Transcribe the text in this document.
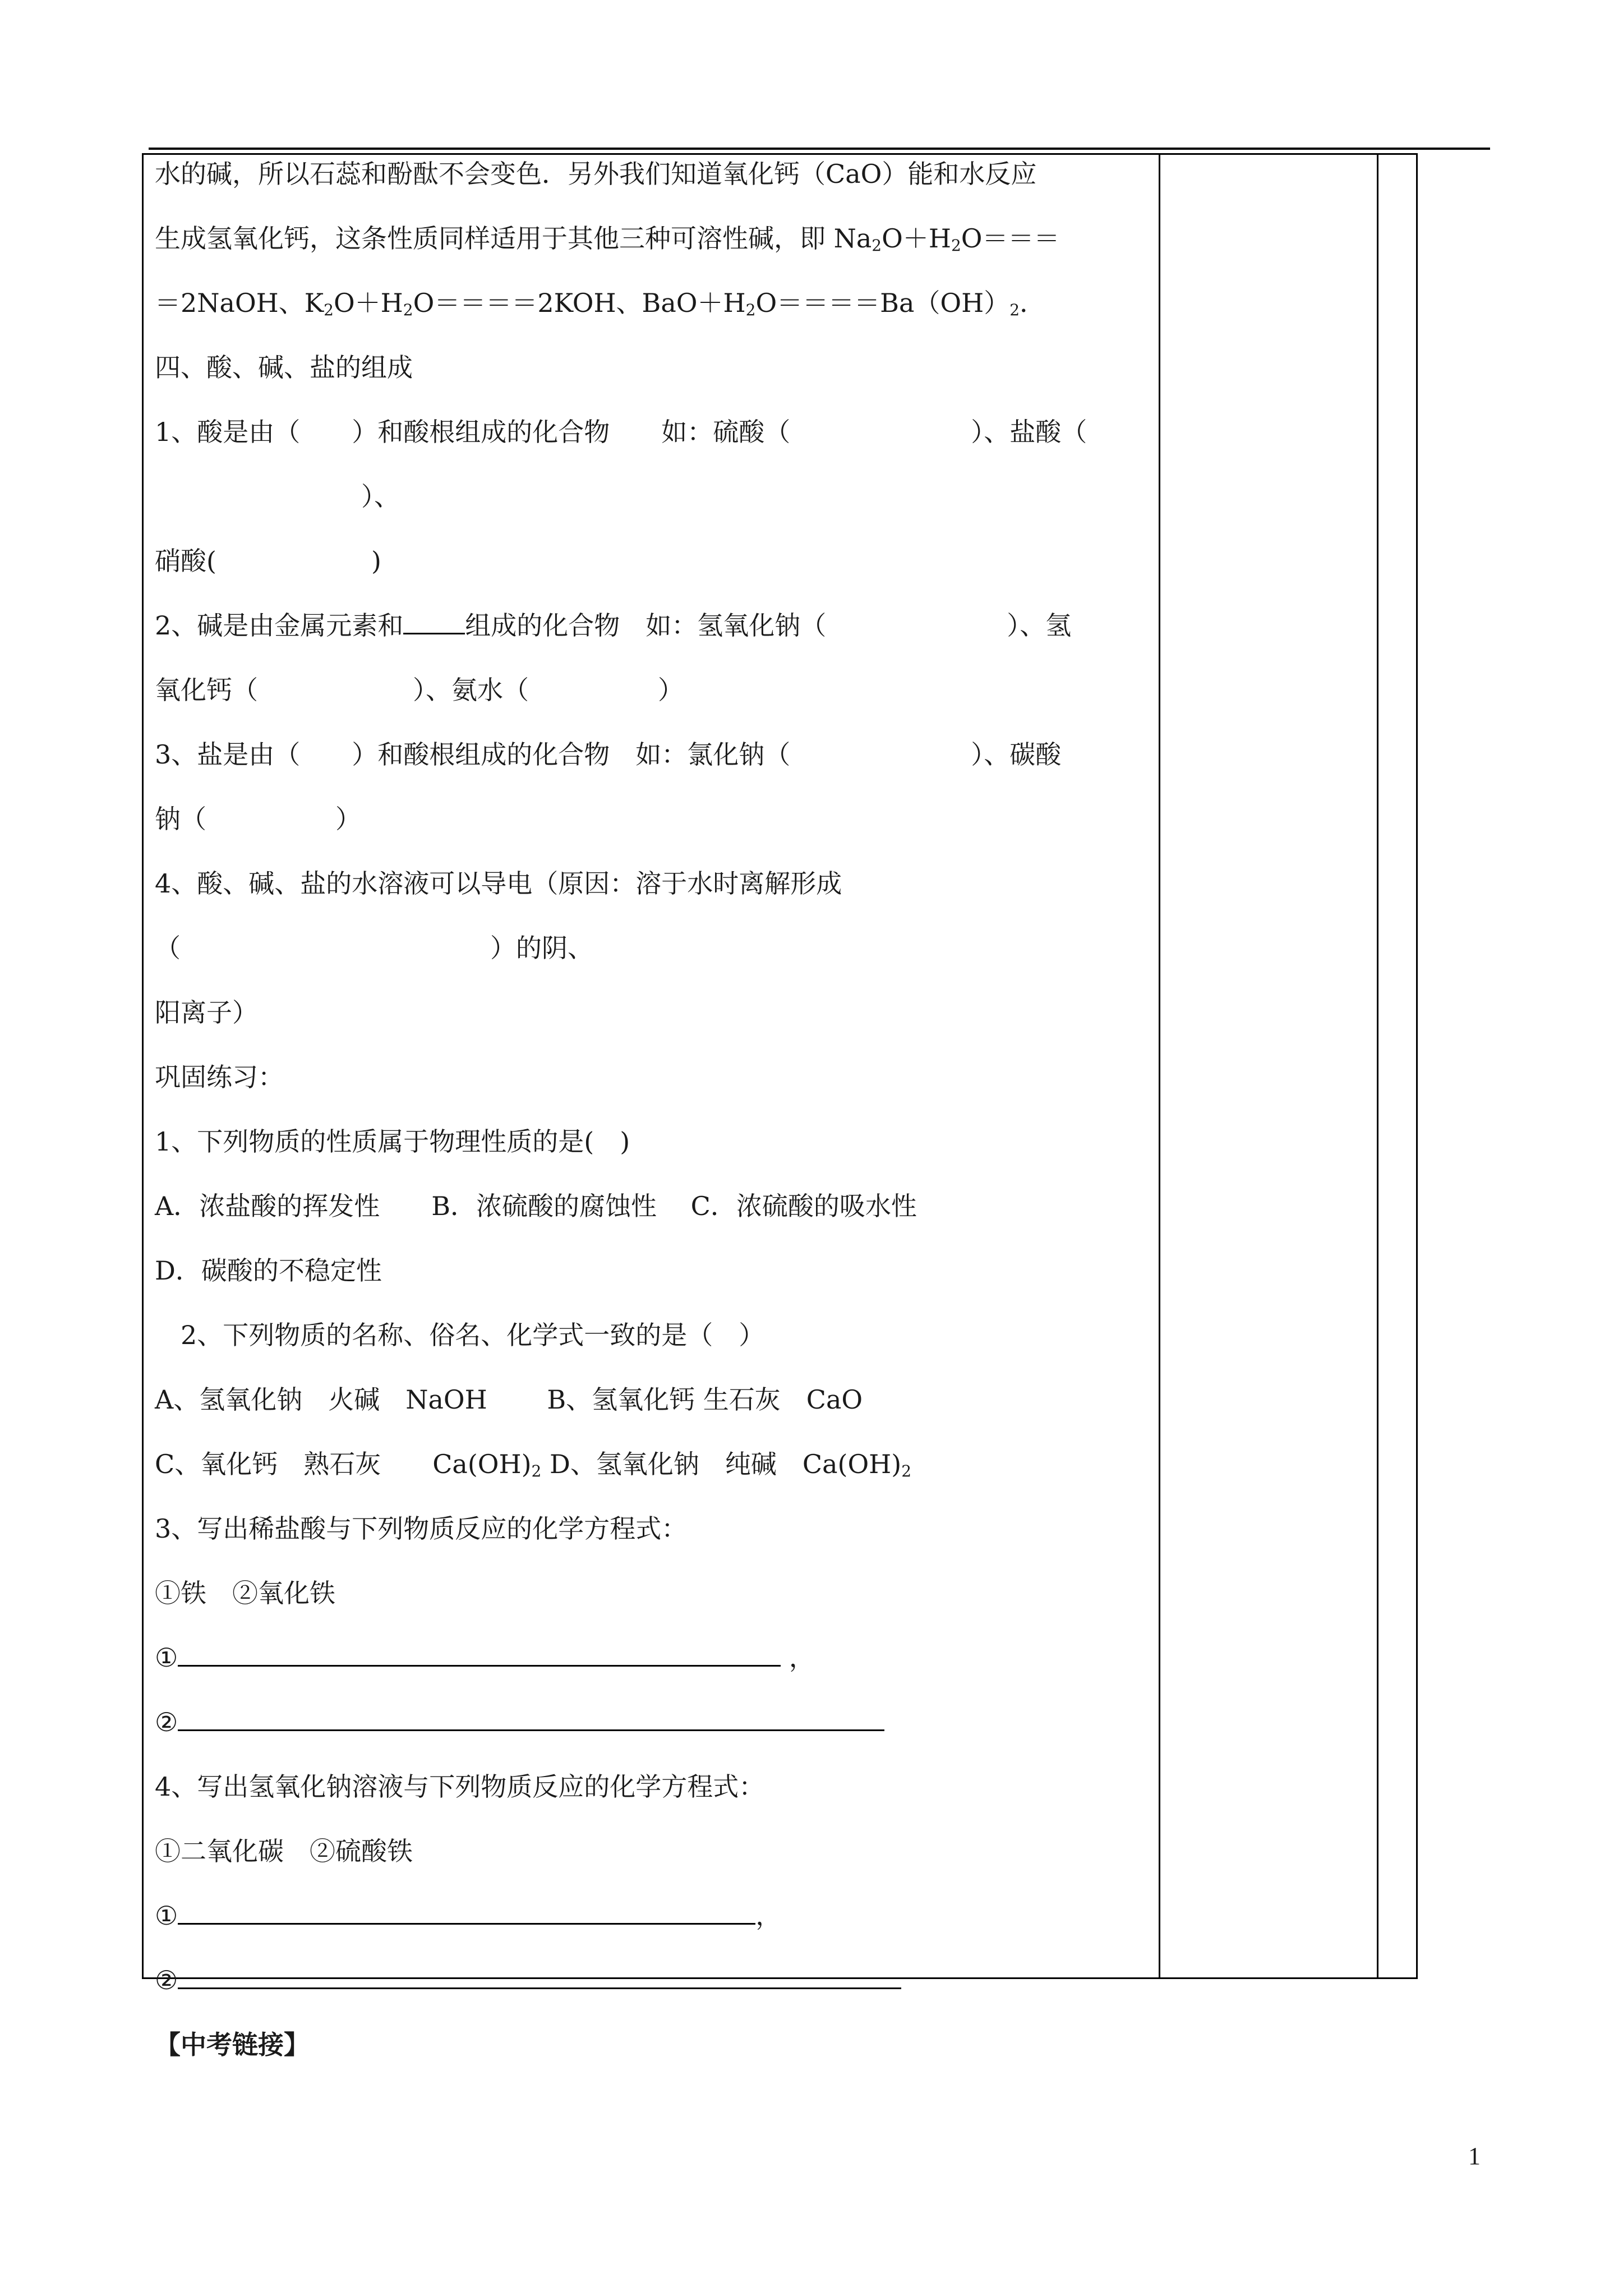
水的碱，所以石蕊和酚酞不会变色．另外我们知道氧化钙（CaO）能和水反应
生成氢氧化钙，这条性质同样适用于其他三种可溶性碱，即 $Na_2O+H_2O===$
＝2NaOH、$K_2O+H_2O====2KOH$、$BaO+H_2O====Ba(OH)_2$．
四、酸、碱、盐的组成
1、酸是由（　　）和酸根组成的化合物　　如：硫酸（　　　　　　　）、盐酸（
　　　　　　　　）、
硝酸(　　　　　　)
2、碱是由金属元素和 组成的化合物　如：氢氧化钠（　　　　　　　）、氢
氧化钙（　　　　　　）、氨水（　　　　　）
3、盐是由（　　）和酸根组成的化合物　如：氯化钠（　　　　　　　）、碳酸
钠（　　　　　）
4、酸、碱、盐的水溶液可以导电（原因：溶于水时离解形成
（　　　　　　　　　　　　）的阴、
阳离子）
巩固练习：
1、下列物质的性质属于物理性质的是(　)
A．浓盐酸的挥发性　　B．浓硫酸的腐蚀性　 C．浓硫酸的吸水性
D．碳酸的不稳定性
　2、下列物质的名称、俗名、化学式一致的是（　）
A、氢氧化钠　火碱　NaOH　　 B、氢氧化钙 生石灰　CaO
C、氧化钙　熟石灰　　$Ca(OH)_2$ D、氢氧化钠　纯碱　$Ca(OH)_2$
3、写出稀盐酸与下列物质反应的化学方程式：
①铁　②氧化铁
①	，
②
4、写出氢氧化钠溶液与下列物质反应的化学方程式：
①二氧化碳　②硫酸铁
①	，
②
【中考链接】
1
